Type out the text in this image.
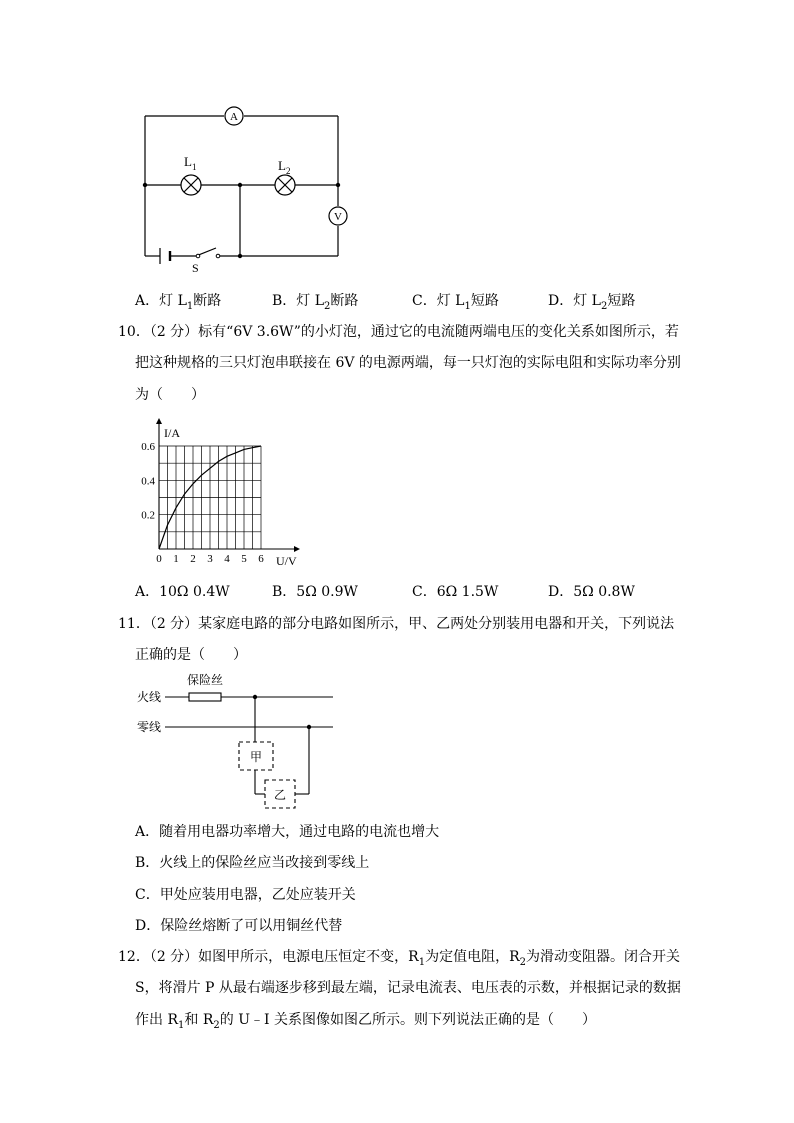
A
V
$L_1$	$L_2$
S
A．灯 $L_1$断路	B．灯 $L_2$断路	C．灯 $L_1$短路	D．灯 $L_2$短路
10．（2 分）标有“6V 3.6W”的小灯泡，通过它的电流随两端电压的变化关系如图所示，若
把这种规格的三只灯泡串联接在 6V 的电源两端，每一只灯泡的实际电阻和实际功率分别
为（　　）
I/A
U/V
0 1 2 3 4 5 6
0.2
0.4
0.6
A．10Ω 0.4W	B．5Ω 0.9W	C．6Ω 1.5W	D．5Ω 0.8W
11．（2 分）某家庭电路的部分电路如图所示，甲、乙两处分别装用电器和开关，下列说法
正确的是（　　）
保险丝
火线
零线
甲
乙
A．随着用电器功率增大，通过电路的电流也增大
B．火线上的保险丝应当改接到零线上
C．甲处应装用电器，乙处应装开关
D．保险丝熔断了可以用铜丝代替
12．（2 分）如图甲所示，电源电压恒定不变，$R_1$为定值电阻，$R_2$为滑动变阻器。闭合开关
S，将滑片 P 从最右端逐步移到最左端，记录电流表、电压表的示数，并根据记录的数据
作出 $R_1$和 $R_2$的 U﹣I 关系图像如图乙所示。则下列说法正确的是（　　）
